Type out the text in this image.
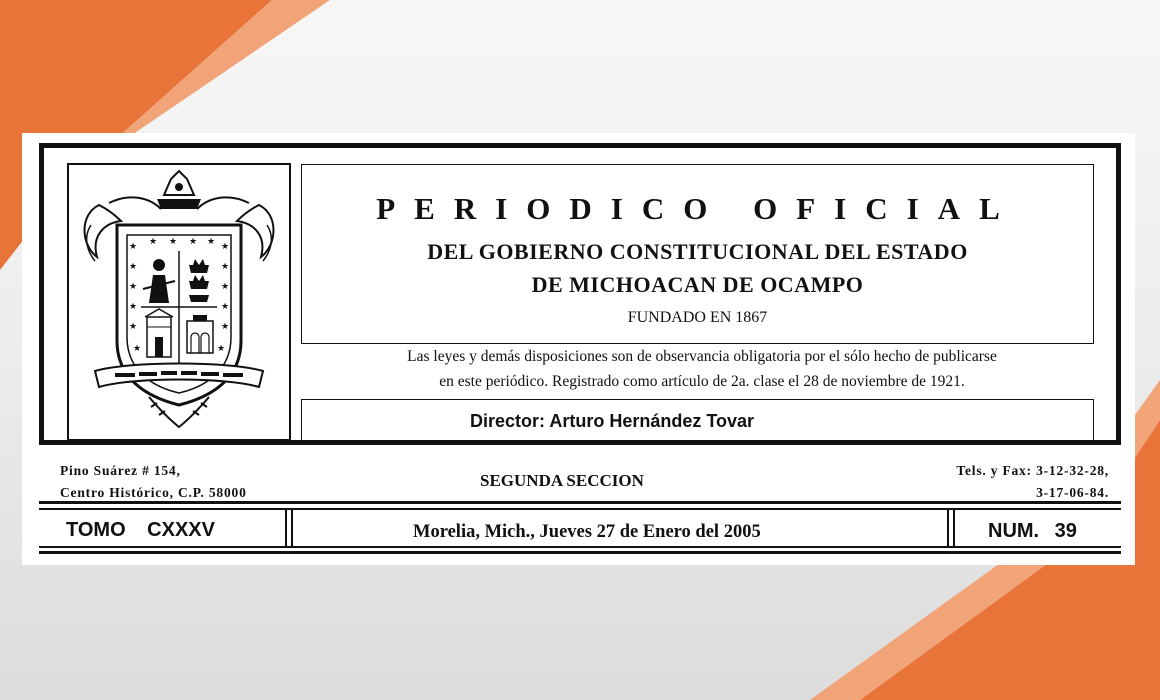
★
★
★
★
★
★
★
★
★
★
★
★
★ ★ ★ ★
PERIODICO OFICIAL
DEL GOBIERNO CONSTITUCIONAL DEL ESTADO
DE MICHOACAN DE OCAMPO
FUNDADO EN 1867
Las leyes y demás disposiciones son de observancia obligatoria por el sólo hecho de publicarse
en este periódico. Registrado como artículo de 2a. clase el 28 de noviembre de 1921.
Director: Arturo Hernández Tovar
Pino Suárez # 154,
Centro Histórico, C.P. 58000
SEGUNDA SECCION
Tels. y Fax: 3-12-32-28,
3-17-06-84.
TOMO CXXXV	Morelia, Mich., Jueves 27 de Enero del 2005	NUM. 39
